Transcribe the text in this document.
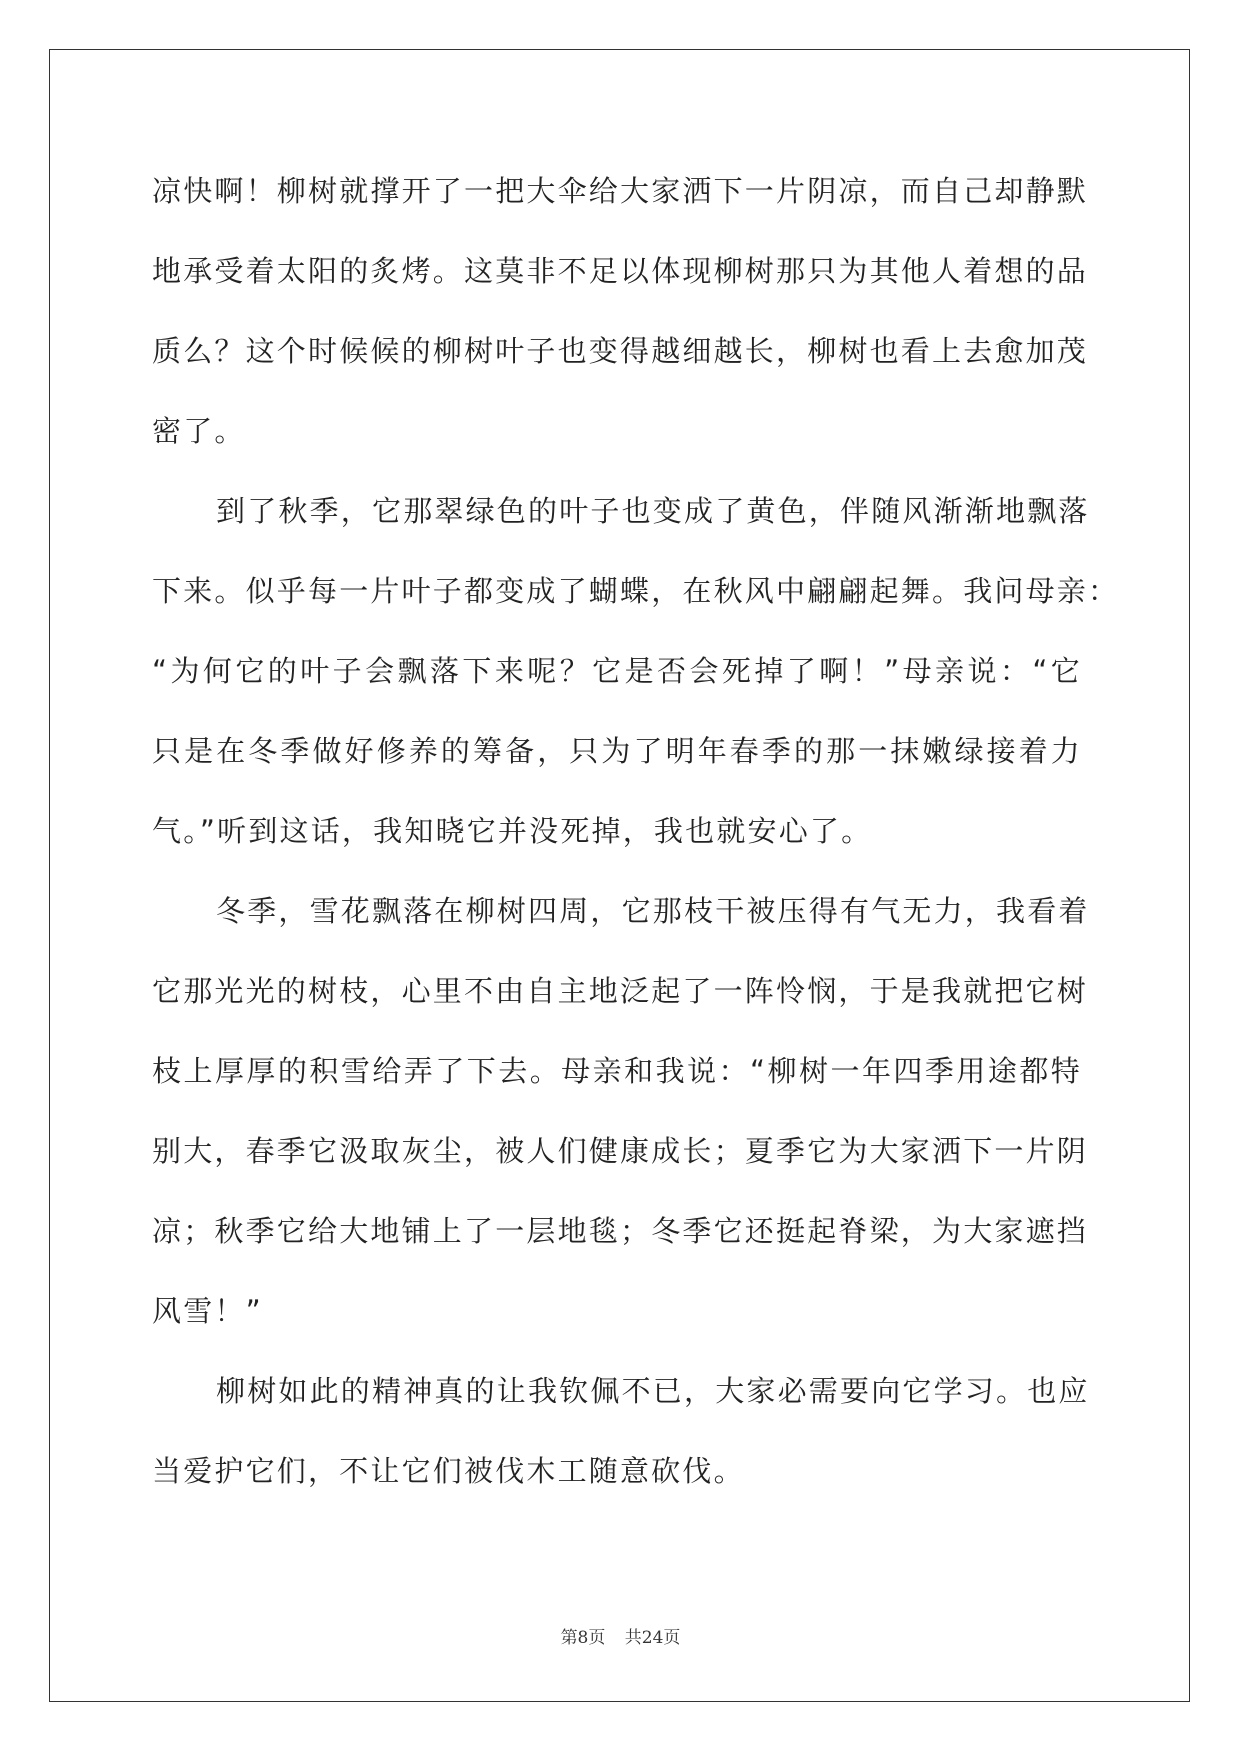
凉快啊！柳树就撑开了一把大伞给大家洒下一片阴凉，而自己却静默
地承受着太阳的炙烤。这莫非不足以体现柳树那只为其他人着想的品
质么？这个时候候的柳树叶子也变得越细越长，柳树也看上去愈加茂
密了。
到了秋季，它那翠绿色的叶子也变成了黄色，伴随风渐渐地飘落
下来。似乎每一片叶子都变成了蝴蝶，在秋风中翩翩起舞。我问母亲：
“为何它的叶子会飘落下来呢？它是否会死掉了啊！”母亲说：“它
只是在冬季做好修养的筹备，只为了明年春季的那一抹嫩绿接着力
气。”听到这话，我知晓它并没死掉，我也就安心了。
冬季，雪花飘落在柳树四周，它那枝干被压得有气无力，我看着
它那光光的树枝，心里不由自主地泛起了一阵怜悯，于是我就把它树
枝上厚厚的积雪给弄了下去。母亲和我说：“柳树一年四季用途都特
别大，春季它汲取灰尘，被人们健康成长；夏季它为大家洒下一片阴
凉；秋季它给大地铺上了一层地毯；冬季它还挺起脊梁，为大家遮挡
风雪！”
柳树如此的精神真的让我钦佩不已，大家必需要向它学习。也应
当爱护它们，不让它们被伐木工随意砍伐。
第8页 共24页
